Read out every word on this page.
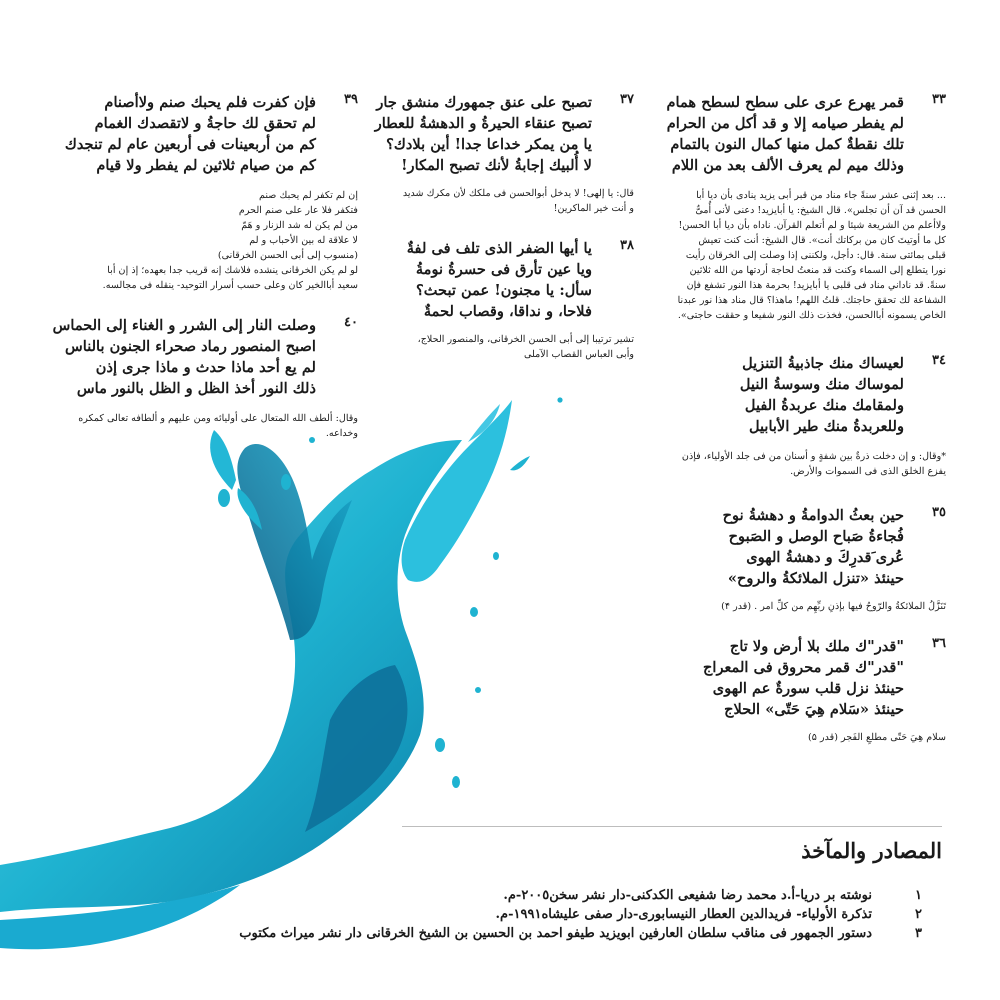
٣٣
قمر يهرع عرى على سطح لسطح همام
لم يفطر صيامه إلا و قد أكل من الحرام
تلك نقطةٌ كمل منها كمال النون بالتمام
وذلك ميم لم يعرف الألف بعد من اللام

... بعد إثنى عشر سنةً جاء مناد من قبر أبى يزيد ينادى بأن ديا أبا

الحسن قد آن أن تجلس». قال الشيخ: يا أبايزيد! دعنى لأنى أُمىٌّ

ولاأعلم من الشريعة شيئا و لم أتعلم القرآن. ناداه بأن ديا أبا الحسن!

كل ما أوتيتَ كان من بركاتك أنت». قال الشيخ: أنت كنت تعيش

قبلى بمائتى سنة. قال: دأجل، ولكننى إذا وصلت إلى الخرقان رأيت

نورا يتطلع إلى السماء وكنت قد منعتُ لحاجة أردتها من الله ثلاثين

سنةً. قد ناداني مناد فى قلبى يا أبايزيد! بحرمة هذا النور تشفع فإن

الشفاعة لك تحقق حاجتك. قلتُ اللهم! ماهذا؟ قال مناد هذا نور عبدنا

الخاص يسمونه أباالحسن، فخذت ذلك النور شفيعا و حققت حاجتى».

٣٤
لعيساك منك جاذبيةُ التنزيل
لموساك منك وسوسةُ النيل
ولمقامك منك عربدةُ الفيل
وللعربدةُ منك طير الأبابيل

*وقال: و إن دخلت ذرةٌ بين شفةٍ و أسنان من فى جلد الأولياء، فإذن

يفزع الخلق الذى فى السموات والأرض.

٣٥
حين بعثُ الدوامةُ و دهشةُ نوح
فُجاءةُ صَباح الوصل و الصَبوح
عُرى َقدرِكَ و دهشةُ الهوى
حينئذ «تنزل الملائكةُ والروح»

تَنَزَّلُ الملائكةُ والرّوحُ فيها بإذنِ ربِّهِم من كلِّ امر . (قدر ۴)

٣٦
"قدر"ك ملك بلا أرض ولا تاج
"قدر"ك قمر محروق فى المعراج
حينئذ نزل قلب سورةٌ عم الهوى
حينئذ «سَلام هِيَ حَتّى» الحلاج

سلام هِيَ حَتّى مطلعِ الفَجر (قدر ۵)

٣٧
تصبح على عنق جمهورك منشق جار
تصبح عنقاء الحيرةُ و الدهشةُ للعطار
يا من يمكر خداعا جدا! أين بلادك؟
لا أُلبيك إجابةُ لأنك تصبح المكار!

قال: يا إلهى! لا يدخل أبوالحسن فى ملكك لأن مكرك شديد

و أنت خير الماكرين!

٣٨
يا أيها الضفر الذى تلف فى لفةٌ
ويا عين تأرق فى حسرةُ نومةُ
سأل: يا مجنون! عمن تبحث؟
فلاحا، و نداقا، وقصاب لحمةٌ

تشير ترتيبا إلى أبى الحسن الخرقانى، والمنصور الحلاج،

وأبى العباس القصاب الآملى

٣٩
فإن كفرت فلم يحبك صنم ولاأصنام
لم تحقق لك حاجةُ و لاتقصدك الغمام
كم من أربعينات فى أربعين عام لم تنجدك
كم من صيام ثلاثين لم يفطر ولا قيام

إن لم تكفر لم يحبك صنم

فتكفر فلا عار على صنم الحرم

من لم يكن له شد الزنار و هَمّ

لا علاقة له بين الأحباب و لم

(منسوب إلى أبى الحسن الخرقانى)

لو لم يكن الخرقانى ينشده فلاشك إنه قريب جدا بعهده؛ إذ إن أبا

سعيد أباالخير كان وعلى حسب أسرار التوحيد- ينقله فى مجالسه.

٤٠
وصلت النار إلى الشرر و الغناء إلى الحماس
اصبح المنصور رماد صحراء الجنون بالناس
لم يع أحد ماذا حدث و ماذا جرى إذن
ذلك النور أخذ الظل و الظل بالنور ماس

وقال: ألطف الله المتعال على أوليائه ومن عليهم و ألطافه تعالى كمكره

وخداعه.

المصادر والمآخذ
١
نوشته بر دريا-أ.د محمد رضا شفيعى الكدكنى-دار نشر سخن٢٠٠٥-م.
٢
تذكرة الأولياء- فريدالدين العطار النيسابورى-دار صفى عليشاه١٩٩١-م.
٣
دستور الجمهور فى مناقب سلطان العارفين ابويزيد طيفو احمد بن الحسين بن الشيخ الخرقانى دار نشر ميراث مكتوب
